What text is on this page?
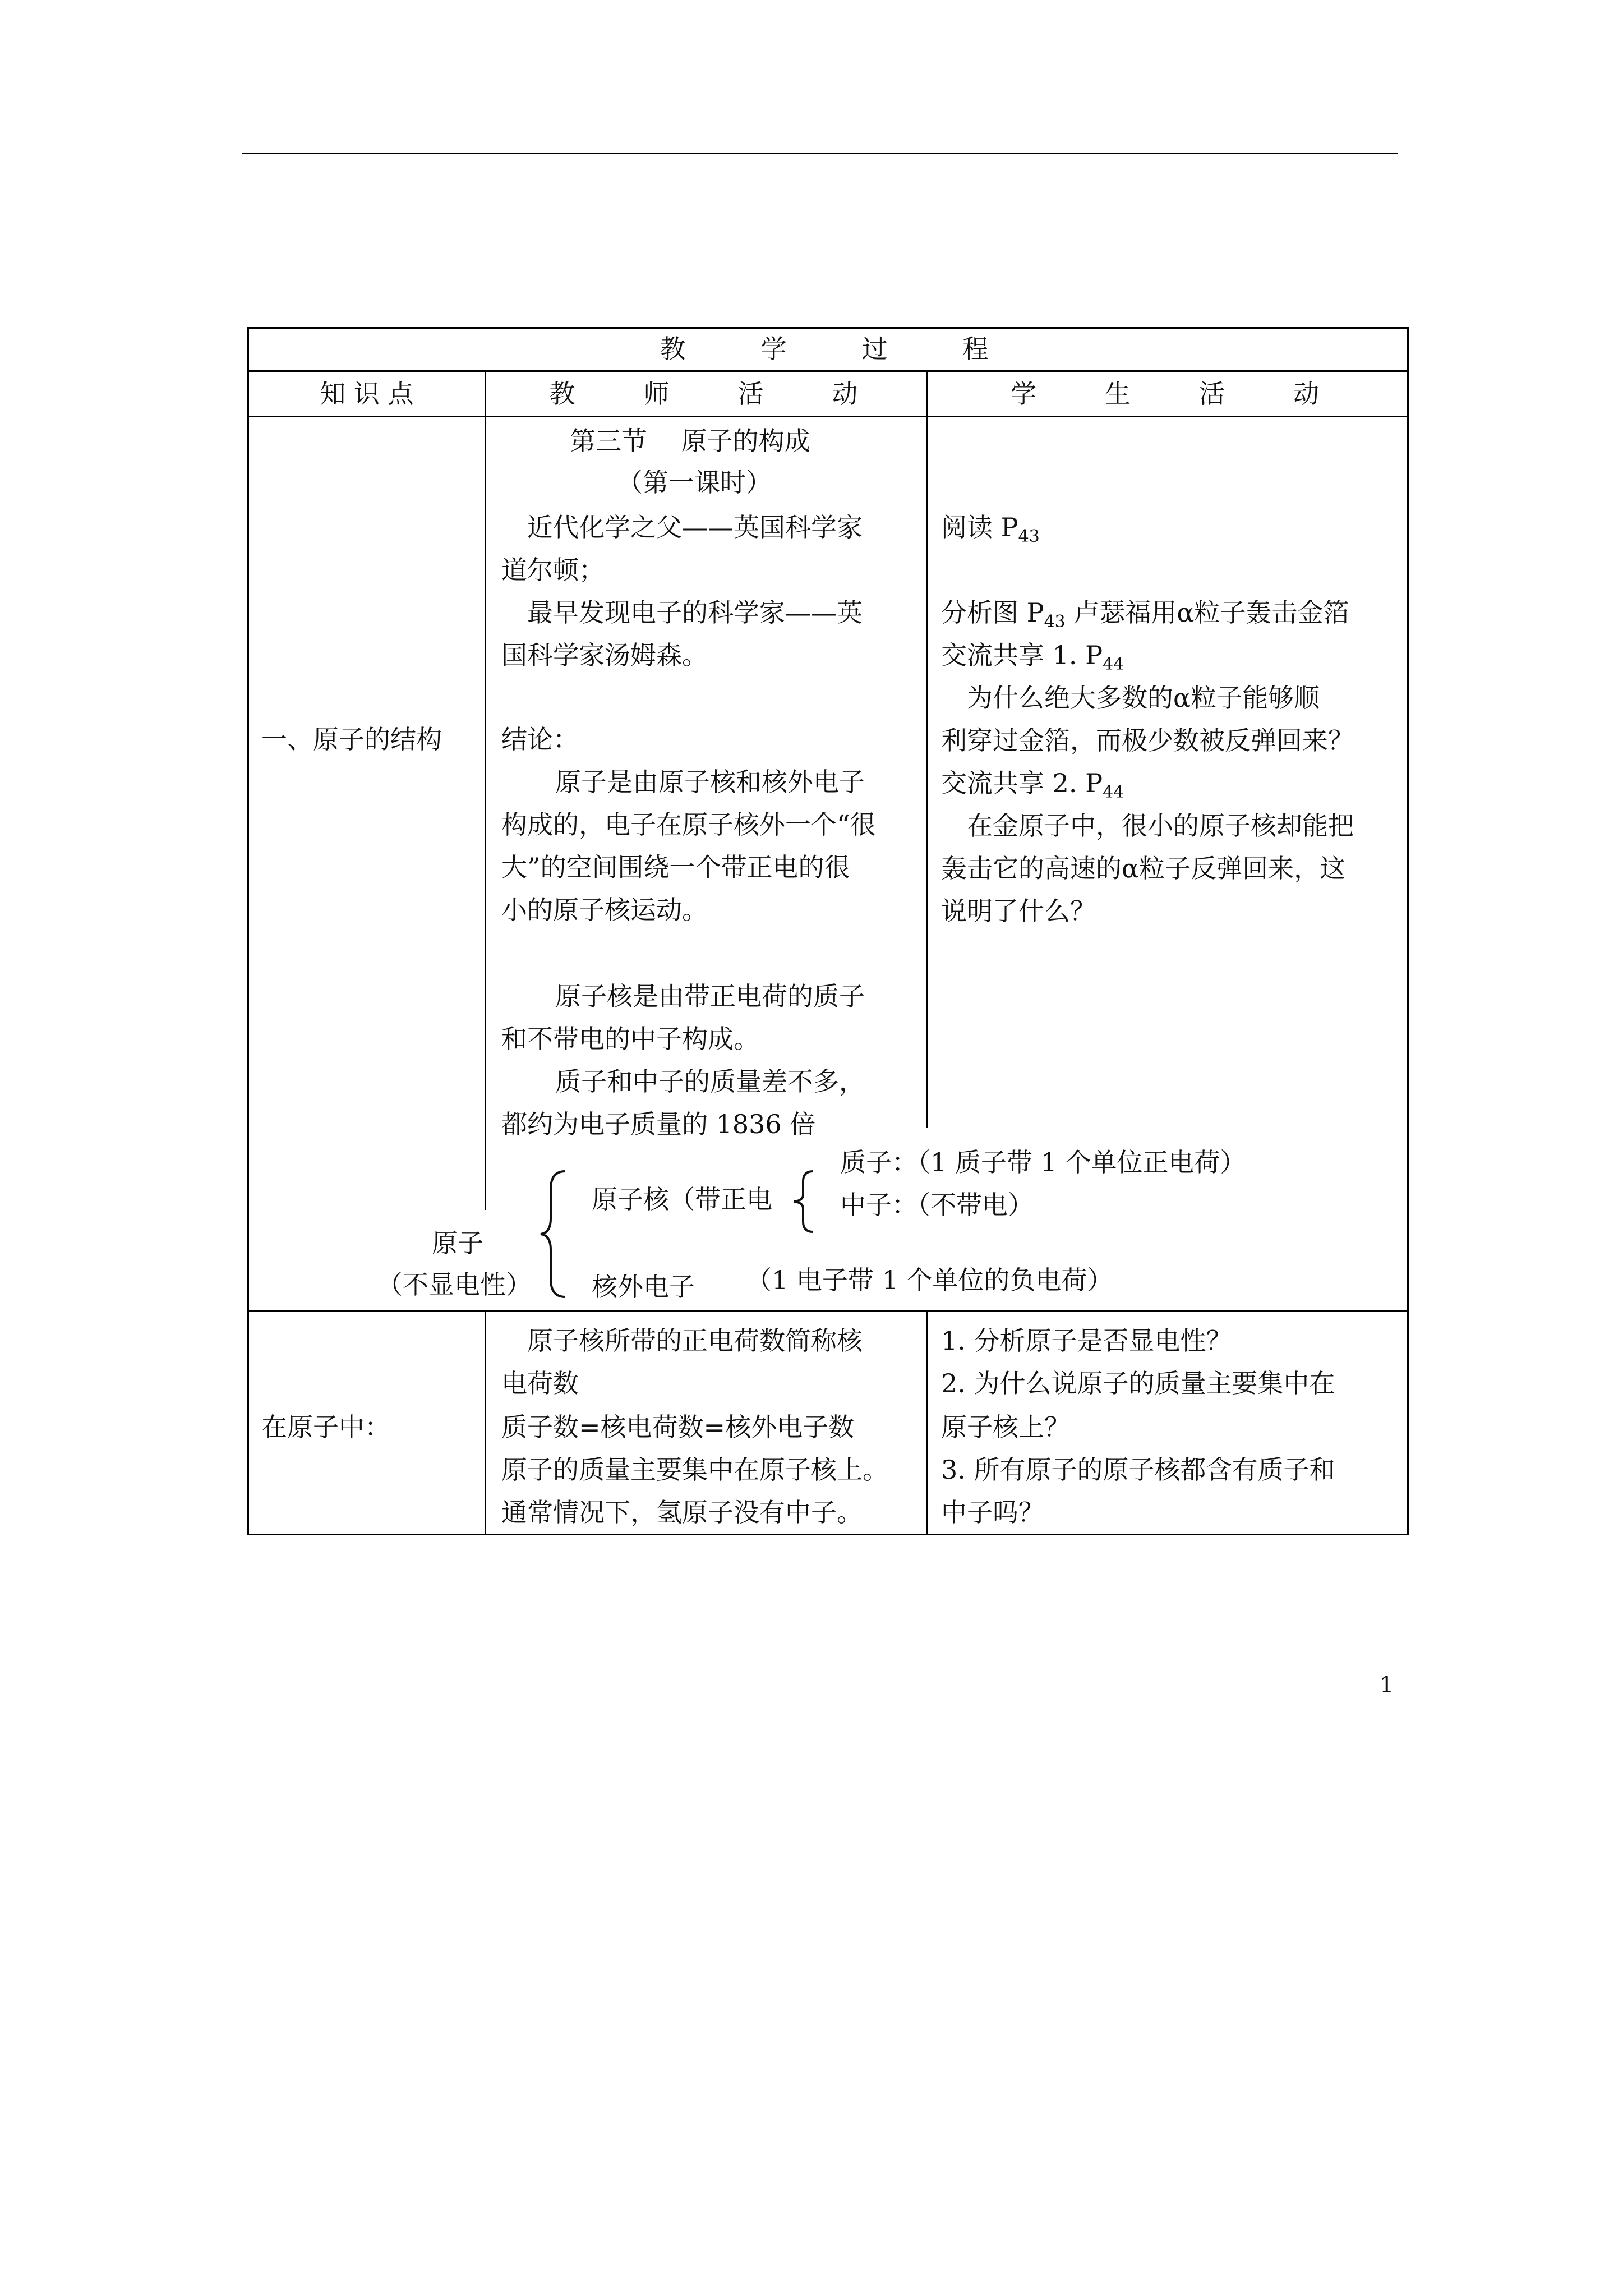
教　　学　　过　　程
知 识 点	教　　师　　活　　动	学　　生　　活　　动
一、原子的结构
第三节　 原子的构成
（第一课时）
近代化学之父——英国科学家
道尔顿；
最早发现电子的科学家——英
国科学家汤姆森。
结论：
原子是由原子核和核外电子
构成的，电子在原子核外一个“很
大”的空间围绕一个带正电的很
小的原子核运动。
原子核是由带正电荷的质子
和不带电的中子构成。
质子和中子的质量差不多，
都约为电子质量的 1836 倍
阅读 $P_{43}$
分析图 $P_{43}$ 卢瑟福用α粒子轰击金箔
交流共享 1. $P_{44}$
为什么绝大多数的α粒子能够顺
利穿过金箔，而极少数被反弹回来？
交流共享 2. $P_{44}$
在金原子中，很小的原子核却能把
轰击它的高速的α粒子反弹回来，这
说明了什么？
原子
（不显电性）
原子核（带正电
质子：（1 质子带 1 个单位正电荷）
中子：（不带电）
核外电子 （1 电子带 1 个单位的负电荷）
在原子中：
原子核所带的正电荷数简称核
电荷数
质子数=核电荷数=核外电子数
原子的质量主要集中在原子核上。
通常情况下，氢原子没有中子。
1. 分析原子是否显电性？
2. 为什么说原子的质量主要集中在
原子核上？
3. 所有原子的原子核都含有质子和
中子吗？
1
